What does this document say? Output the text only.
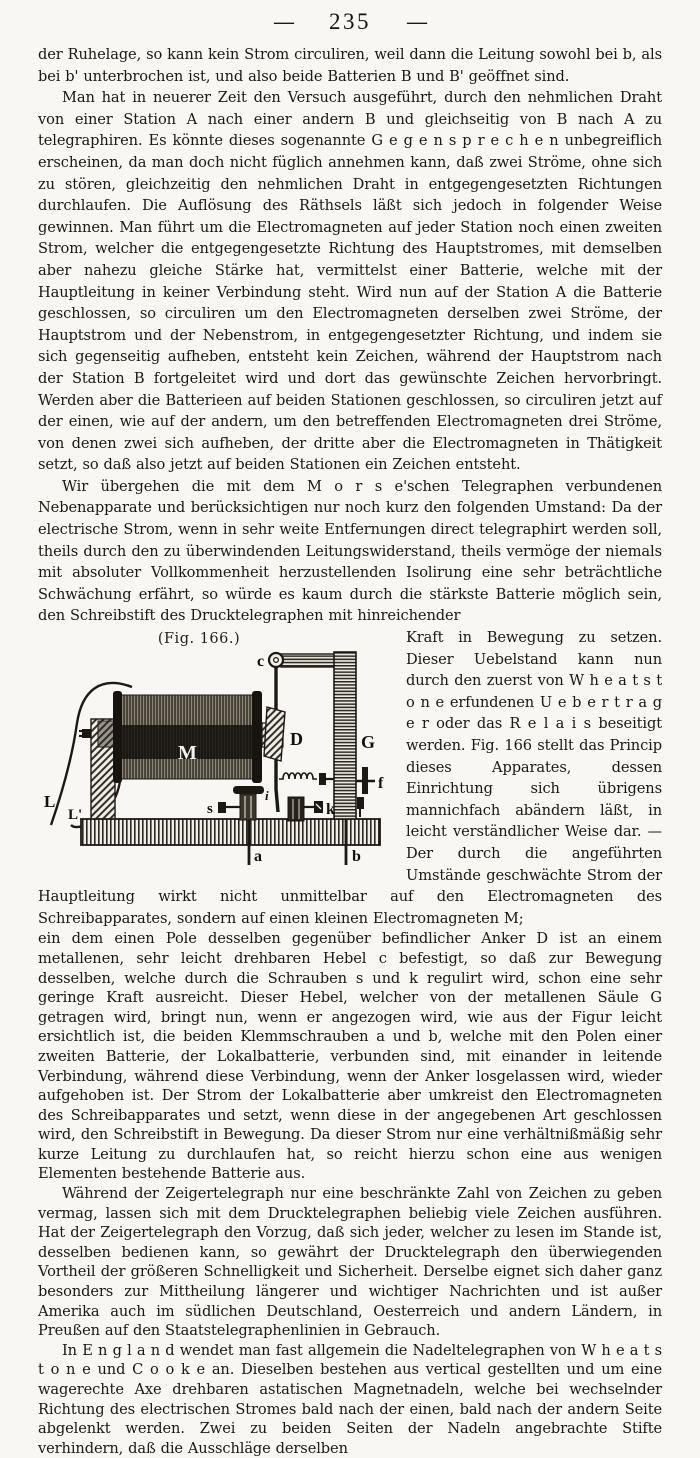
— 235 —

der Ruhelage, so kann kein Strom circuliren, weil dann die Leitung sowohl bei b, als bei b' unterbrochen ist, und also beide Batterien B und B' geöffnet sind.

Man hat in neuerer Zeit den Versuch ausgeführt, durch den nehmlichen Draht von einer Station A nach einer andern B und gleichseitig von B nach A zu telegraphiren. Es könnte dieses sogenannte G e g e n s p r e c h e n unbegreiflich erscheinen, da man doch nicht füglich annehmen kann, daß zwei Ströme, ohne sich zu stören, gleichzeitig den nehmlichen Draht in entgegengesetzten Richtungen durchlaufen. Die Auflösung des Räthsels läßt sich jedoch in folgender Weise gewinnen. Man führt um die Electromagneten auf jeder Station noch einen zweiten Strom, welcher die entgegengesetzte Richtung des Hauptstromes, mit demselben aber nahezu gleiche Stärke hat, vermittelst einer Batterie, welche mit der Hauptleitung in keiner Verbindung steht. Wird nun auf der Station A die Batterie geschlossen, so circuliren um den Electromagneten derselben zwei Ströme, der Hauptstrom und der Nebenstrom, in entgegengesetzter Richtung, und indem sie sich gegenseitig aufheben, entsteht kein Zeichen, während der Hauptstrom nach der Station B fortgeleitet wird und dort das gewünschte Zeichen hervorbringt. Werden aber die Batterieen auf beiden Stationen geschlossen, so circuliren jetzt auf der einen, wie auf der andern, um den betreffenden Electromagneten drei Ströme, von denen zwei sich aufheben, der dritte aber die Electromagneten in Thätigkeit setzt, so daß also jetzt auf beiden Stationen ein Zeichen entsteht.

Wir übergehen die mit dem M o r s e'schen Telegraphen verbundenen Nebenapparate und berücksichtigen nur noch kurz den folgenden Umstand: Da der electrische Strom, wenn in sehr weite Entfernungen direct telegraphirt werden soll, theils durch den zu überwindenden Leitungswiderstand, theils vermöge der niemals mit absoluter Vollkommenheit herzustellenden Isolirung eine sehr beträchtliche Schwächung erfährt, so würde es kaum durch die stärkste Batterie möglich sein, den Schreibstift des Drucktelegraphen mit hinreichender

(Fig. 166.)
M
c
D	G
f
i
s	k
a	b
L
L'

Kraft in Bewegung zu setzen. Dieser Uebelstand kann nun durch den zuerst von W h e a t s t o n e erfundenen U e b e r t r a g e r oder das R e l a i s beseitigt werden. Fig. 166 stellt das Princip dieses Apparates, dessen Einrichtung sich übrigens mannichfach abändern läßt, in leicht verständlicher Weise dar. — Der durch die angeführten Umstände geschwächte Strom der Hauptleitung wirkt nicht unmittelbar auf den Electromagneten des Schreibapparates, sondern auf einen kleinen Electromagneten M;

ein dem einen Pole desselben gegenüber befindlicher Anker D ist an einem metallenen, sehr leicht drehbaren Hebel c befestigt, so daß zur Bewegung desselben, welche durch die Schrauben s und k regulirt wird, schon eine sehr geringe Kraft ausreicht. Dieser Hebel, welcher von der metallenen Säule G getragen wird, bringt nun, wenn er angezogen wird, wie aus der Figur leicht ersichtlich ist, die beiden Klemmschrauben a und b, welche mit den Polen einer zweiten Batterie, der Lokalbatterie, verbunden sind, mit einander in leitende Verbindung, während diese Verbindung, wenn der Anker losgelassen wird, wieder aufgehoben ist. Der Strom der Lokalbatterie aber umkreist den Electromagneten des Schreibapparates und setzt, wenn diese in der angegebenen Art geschlossen wird, den Schreibstift in Bewegung. Da dieser Strom nur eine verhältnißmäßig sehr kurze Leitung zu durchlaufen hat, so reicht hierzu schon eine aus wenigen Elementen bestehende Batterie aus.

Während der Zeigertelegraph nur eine beschränkte Zahl von Zeichen zu geben vermag, lassen sich mit dem Drucktelegraphen beliebig viele Zeichen ausführen. Hat der Zeigertelegraph den Vorzug, daß sich jeder, welcher zu lesen im Stande ist, desselben bedienen kann, so gewährt der Drucktelegraph den überwiegenden Vortheil der größeren Schnelligkeit und Sicherheit. Derselbe eignet sich daher ganz besonders zur Mittheilung längerer und wichtiger Nachrichten und ist außer Amerika auch im südlichen Deutschland, Oesterreich und andern Ländern, in Preußen auf den Staatstelegraphenlinien in Gebrauch.

In E n g l a n d wendet man fast allgemein die Nadeltelegraphen von W h e a t s t o n e und C o o k e an. Dieselben bestehen aus vertical gestellten und um eine wagerechte Axe drehbaren astatischen Magnetnadeln, welche bei wechselnder Richtung des electrischen Stromes bald nach der einen, bald nach der andern Seite abgelenkt werden. Zwei zu beiden Seiten der Nadeln angebrachte Stifte verhindern, daß die Ausschläge derselben
